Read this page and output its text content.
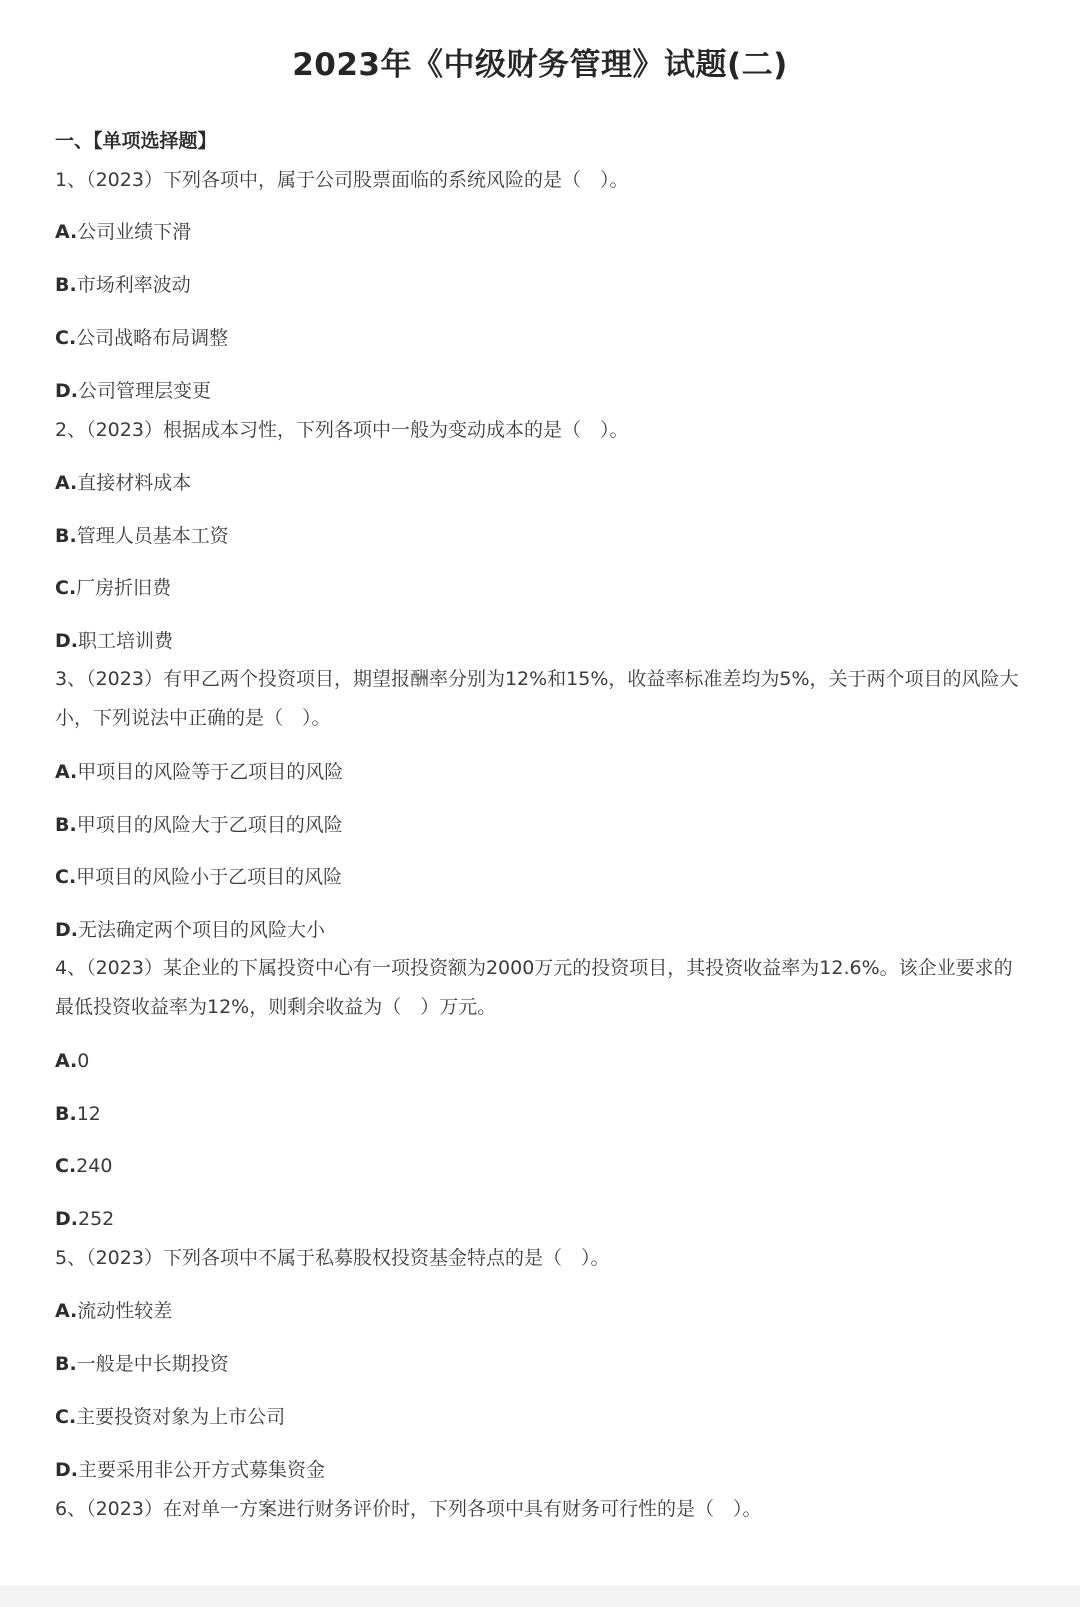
2023年《中级财务管理》试题(二)
一、【单项选择题】
1、（2023）下列各项中，属于公司股票面临的系统风险的是（　）。
A.公司业绩下滑
B.市场利率波动
C.公司战略布局调整
D.公司管理层变更
2、（2023）根据成本习性，下列各项中一般为变动成本的是（　）。
A.直接材料成本
B.管理人员基本工资
C.厂房折旧费
D.职工培训费
3、（2023）有甲乙两个投资项目，期望报酬率分别为12%和15%，收益率标准差均为5%，关于两个项目的风险大小，下列说法中正确的是（　）。
A.甲项目的风险等于乙项目的风险
B.甲项目的风险大于乙项目的风险
C.甲项目的风险小于乙项目的风险
D.无法确定两个项目的风险大小
4、（2023）某企业的下属投资中心有一项投资额为2000万元的投资项目，其投资收益率为12.6%。该企业要求的最低投资收益率为12%，则剩余收益为（　）万元。
A.0
B.12
C.240
D.252
5、（2023）下列各项中不属于私募股权投资基金特点的是（　）。
A.流动性较差
B.一般是中长期投资
C.主要投资对象为上市公司
D.主要采用非公开方式募集资金
6、（2023）在对单一方案进行财务评价时，下列各项中具有财务可行性的是（　）。
